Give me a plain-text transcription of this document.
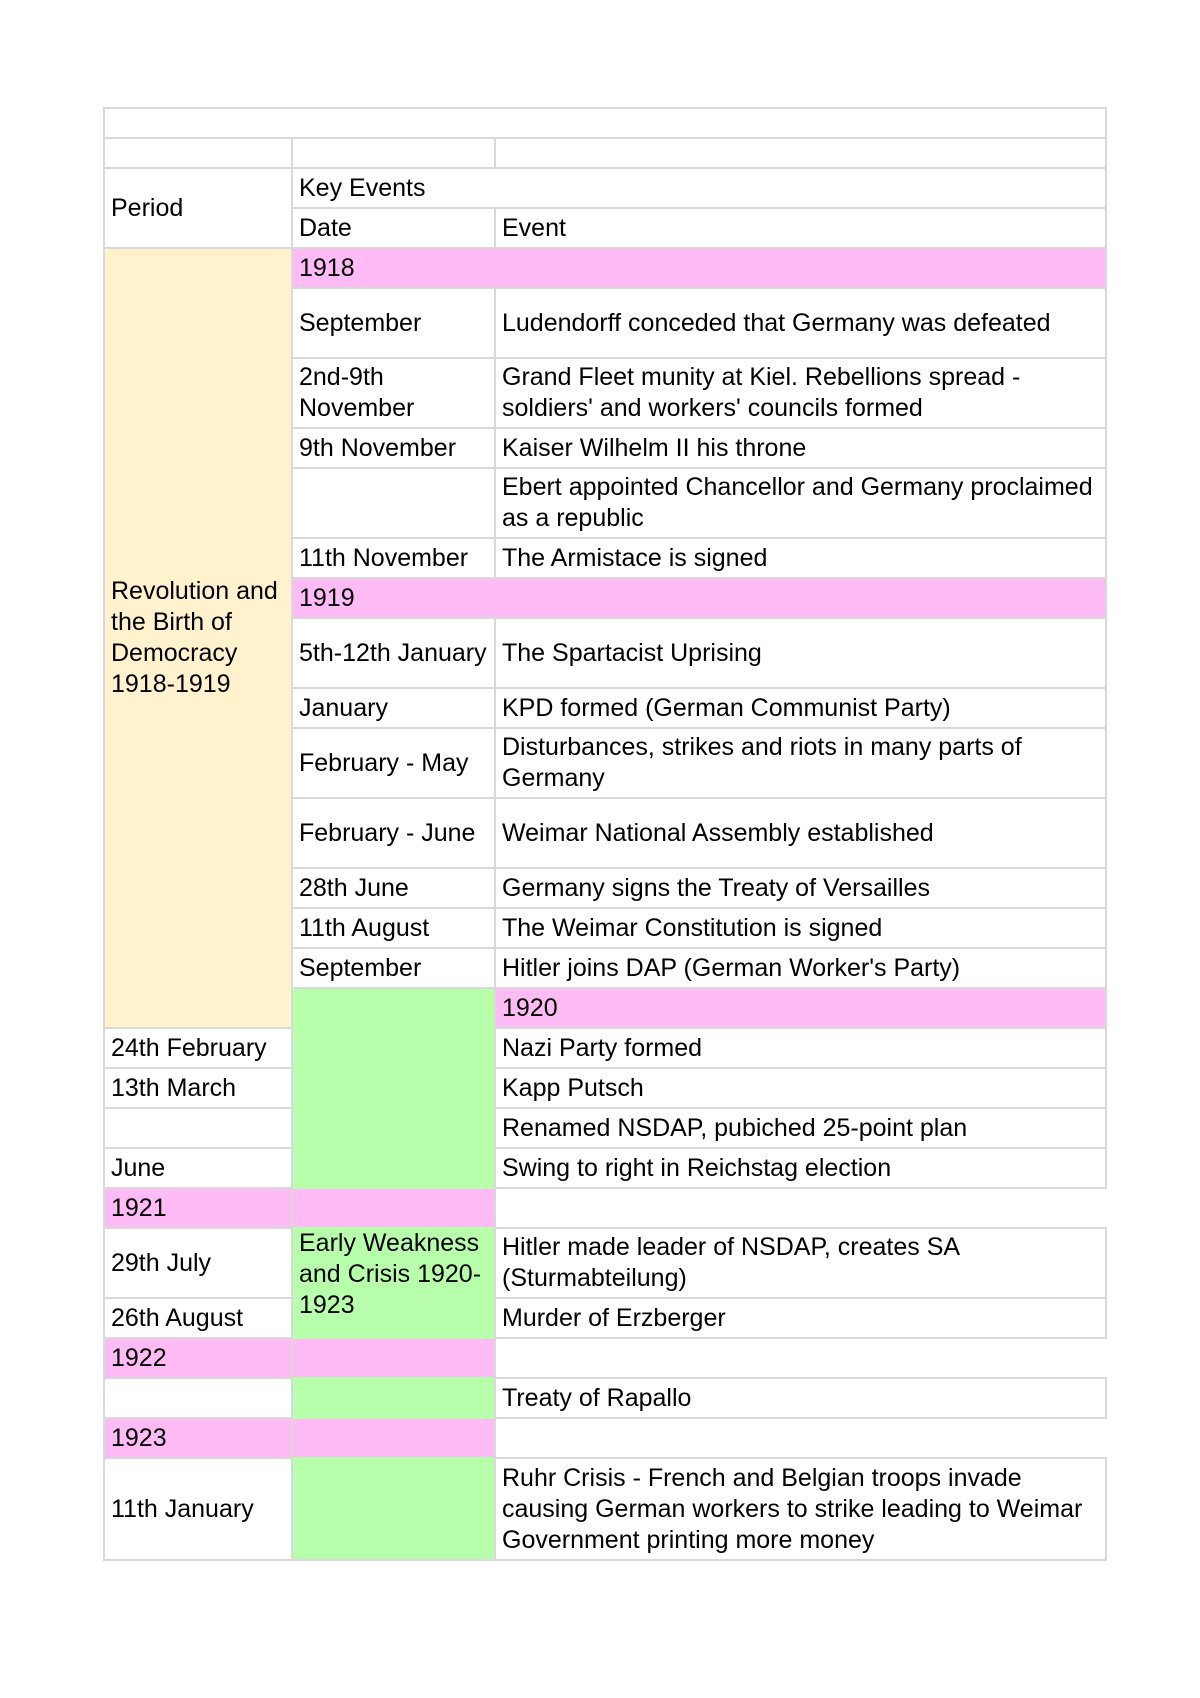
Period	Key Events	
	Date	Event
Revolution and the Birth of Democracy 1918-1919	1918	
	September	Ludendorff conceded that Germany was defeated
	2nd-9th November	Grand Fleet munity at Kiel. Rebellions spread - soldiers' and workers' councils formed
	9th November	Kaiser Wilhelm II his throne
		Ebert appointed Chancellor and Germany proclaimed as a republic
	11th November	The Armistace is signed
	1919	
	5th-12th January	The Spartacist Uprising
	January	KPD formed (German Communist Party)
	February - May	Disturbances, strikes and riots in many parts of Germany
	February - June	Weimar National Assembly established
	28th June	Germany signs the Treaty of Versailles
	11th August	The Weimar Constitution is signed
	September	Hitler joins DAP (German Worker's Party)
	Early Weakness and Crisis 1920-1923	1920
24th February		Nazi Party formed
13th March		Kapp Putsch
		Renamed NSDAP, pubiched 25-point plan
June		Swing to right in Reichstag election
1921		
29th July		Hitler made leader of NSDAP, creates SA (Sturmabteilung)
26th August		Murder of Erzberger
1922		
		Treaty of Rapallo
1923		
11th January		Ruhr Crisis - French and Belgian troops invade causing German workers to strike leading to Weimar Government printing more money
